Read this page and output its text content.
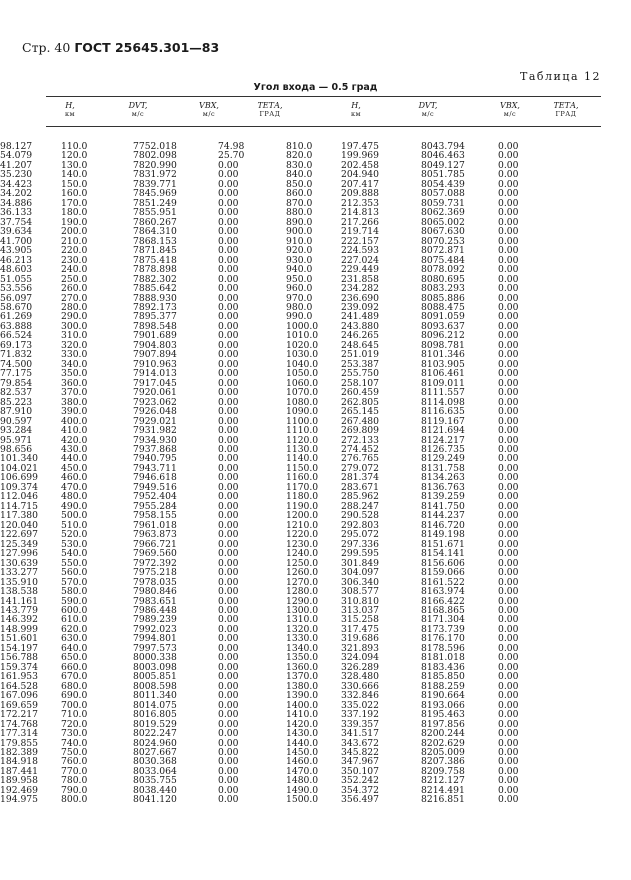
Стр. 40 ГОСТ 25645.301—83
Таблица 12
Угол входа — 0.5 град
H,
км
DVT,
м/с
VBX,
м/с
ТЕТА,
ГРАД
H,
км
DVT,
м/с
VBX,
м/с
ТЕТА,
ГРАД
110.0	98.127	7752.018	74.98	810.0	197.475	8043.794	0.00
120.0	54.079	7802.098	25.70	820.0	199.969	8046.463	0.00
130.0	41.207	7820.990	0.00	830.0	202.458	8049.127	0.00
140.0	35.230	7831.972	0.00	840.0	204.940	8051.785	0.00
150.0	34.423	7839.771	0.00	850.0	207.417	8054.439	0.00
160.0	34.202	7845.969	0.00	860.0	209.888	8057.088	0.00
170.0	34.886	7851.249	0.00	870.0	212.353	8059.731	0.00
180.0	36.133	7855.951	0.00	880.0	214.813	8062.369	0.00
190.0	37.754	7860.267	0.00	890.0	217.266	8065.002	0.00
200.0	39.634	7864.310	0.00	900.0	219.714	8067.630	0.00
210.0	41.700	7868.153	0.00	910.0	222.157	8070.253	0.00
220.0	43.905	7871.845	0.00	920.0	224.593	8072.871	0.00
230.0	46.213	7875.418	0.00	930.0	227.024	8075.484	0.00
240.0	48.603	7878.898	0.00	940.0	229.449	8078.092	0.00
250.0	51.055	7882.302	0.00	950.0	231.858	8080.695	0.00
260.0	53.556	7885.642	0.00	960.0	234.282	8083.293	0.00
270.0	56.097	7888.930	0.00	970.0	236.690	8085.886	0.00
280.0	58.670	7892.173	0.00	980.0	239.092	8088.475	0.00
290.0	61.269	7895.377	0.00	990.0	241.489	8091.059	0.00
300.0	63.888	7898.548	0.00	1000.0	243.880	8093.637	0.00
310.0	66.524	7901.689	0.00	1010.0	246.265	8096.212	0.00
320.0	69.173	7904.803	0.00	1020.0	248.645	8098.781	0.00
330.0	71.832	7907.894	0.00	1030.0	251.019	8101.346	0.00
340.0	74.500	7910.963	0.00	1040.0	253.387	8103.905	0.00
350.0	77.175	7914.013	0.00	1050.0	255.750	8106.461	0.00
360.0	79.854	7917.045	0.00	1060.0	258.107	8109.011	0.00
370.0	82.537	7920.061	0.00	1070.0	260.459	8111.557	0.00
380.0	85.223	7923.062	0.00	1080.0	262.805	8114.098	0.00
390.0	87.910	7926.048	0.00	1090.0	265.145	8116.635	0.00
400.0	90.597	7929.021	0.00	1100.0	267.480	8119.167	0.00
410.0	93.284	7931.982	0.00	1110.0	269.809	8121.694	0.00
420.0	95.971	7934.930	0.00	1120.0	272.133	8124.217	0.00
430.0	98.656	7937.868	0.00	1130.0	274.452	8126.735	0.00
440.0	101.340	7940.795	0.00	1140.0	276.765	8129.249	0.00
450.0	104.021	7943.711	0.00	1150.0	279.072	8131.758	0.00
460.0	106.699	7946.618	0.00	1160.0	281.374	8134.263	0.00
470.0	109.374	7949.516	0.00	1170.0	283.671	8136.763	0.00
480.0	112.046	7952.404	0.00	1180.0	285.962	8139.259	0.00
490.0	114.715	7955.284	0.00	1190.0	288.247	8141.750	0.00
500.0	117.380	7958.155	0.00	1200.0	290.528	8144.237	0.00
510.0	120.040	7961.018	0.00	1210.0	292.803	8146.720	0.00
520.0	122.697	7963.873	0.00	1220.0	295.072	8149.198	0.00
530.0	125.349	7966.721	0.00	1230.0	297.336	8151.671	0.00
540.0	127.996	7969.560	0.00	1240.0	299.595	8154.141	0.00
550.0	130.639	7972.392	0.00	1250.0	301.849	8156.606	0.00
560.0	133.277	7975.218	0.00	1260.0	304.097	8159.066	0.00
570.0	135.910	7978.035	0.00	1270.0	306.340	8161.522	0.00
580.0	138.538	7980.846	0.00	1280.0	308.577	8163.974	0.00
590.0	141.161	7983.651	0.00	1290.0	310.810	8166.422	0.00
600.0	143.779	7986.448	0.00	1300.0	313.037	8168.865	0.00
610.0	146.392	7989.239	0.00	1310.0	315.258	8171.304	0.00
620.0	148.999	7992.023	0.00	1320.0	317.475	8173.739	0.00
630.0	151.601	7994.801	0.00	1330.0	319.686	8176.170	0.00
640.0	154.197	7997.573	0.00	1340.0	321.893	8178.596	0.00
650.0	156.788	8000.338	0.00	1350.0	324.094	8181.018	0.00
660.0	159.374	8003.098	0.00	1360.0	326.289	8183.436	0.00
670.0	161.953	8005.851	0.00	1370.0	328.480	8185.850	0.00
680.0	164.528	8008.598	0.00	1380.0	330.666	8188.259	0.00
690.0	167.096	8011.340	0.00	1390.0	332.846	8190.664	0.00
700.0	169.659	8014.075	0.00	1400.0	335.022	8193.066	0.00
710.0	172.217	8016.805	0.00	1410.0	337.192	8195.463	0.00
720.0	174.768	8019.529	0.00	1420.0	339.357	8197.856	0.00
730.0	177.314	8022.247	0.00	1430.0	341.517	8200.244	0.00
740.0	179.855	8024.960	0.00	1440.0	343.672	8202.629	0.00
750.0	182.389	8027.667	0.00	1450.0	345.822	8205.009	0.00
760.0	184.918	8030.368	0.00	1460.0	347.967	8207.386	0.00
770.0	187.441	8033.064	0.00	1470.0	350.107	8209.758	0.00
780.0	189.958	8035.755	0.00	1480.0	352.242	8212.127	0.00
790.0	192.469	8038.440	0.00	1490.0	354.372	8214.491	0.00
800.0	194.975	8041.120	0.00	1500.0	356.497	8216.851	0.00
